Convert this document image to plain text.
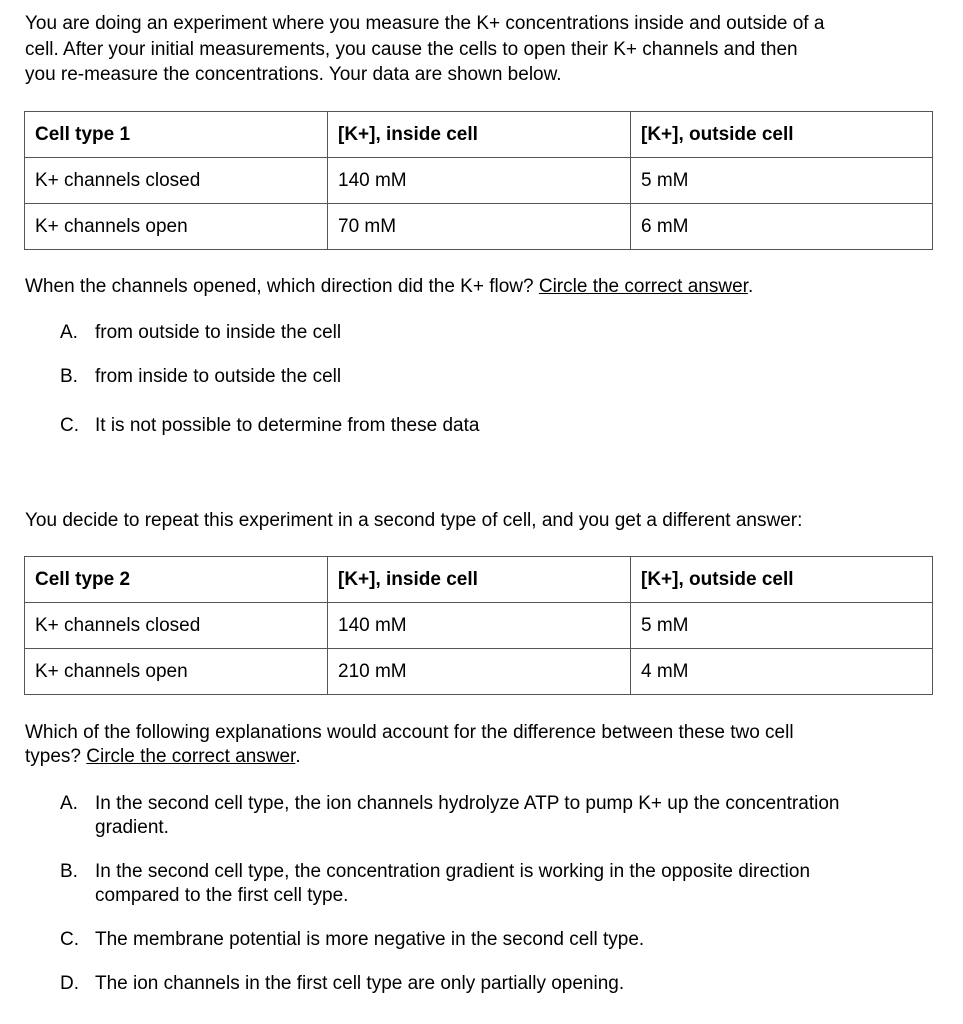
You are doing an experiment where you measure the K+ concentrations inside and outside of a
cell. After your initial measurements, you cause the cells to open their K+ channels and then
you re-measure the concentrations. Your data are shown below.
Cell type 1	[K+], inside cell	[K+], outside cell
K+ channels closed	140 mM	5 mM
K+ channels open	70 mM	6 mM
When the channels opened, which direction did the K+ flow? Circle the correct answer.
A. from outside to inside the cell
B. from inside to outside the cell
C. It is not possible to determine from these data
You decide to repeat this experiment in a second type of cell, and you get a different answer:
Cell type 2	[K+], inside cell	[K+], outside cell
K+ channels closed	140 mM	5 mM
K+ channels open	210 mM	4 mM
Which of the following explanations would account for the difference between these two cell
types? Circle the correct answer.
A. In the second cell type, the ion channels hydrolyze ATP to pump K+ up the concentration
gradient.
B. In the second cell type, the concentration gradient is working in the opposite direction
compared to the first cell type.
C. The membrane potential is more negative in the second cell type.
D. The ion channels in the first cell type are only partially opening.
